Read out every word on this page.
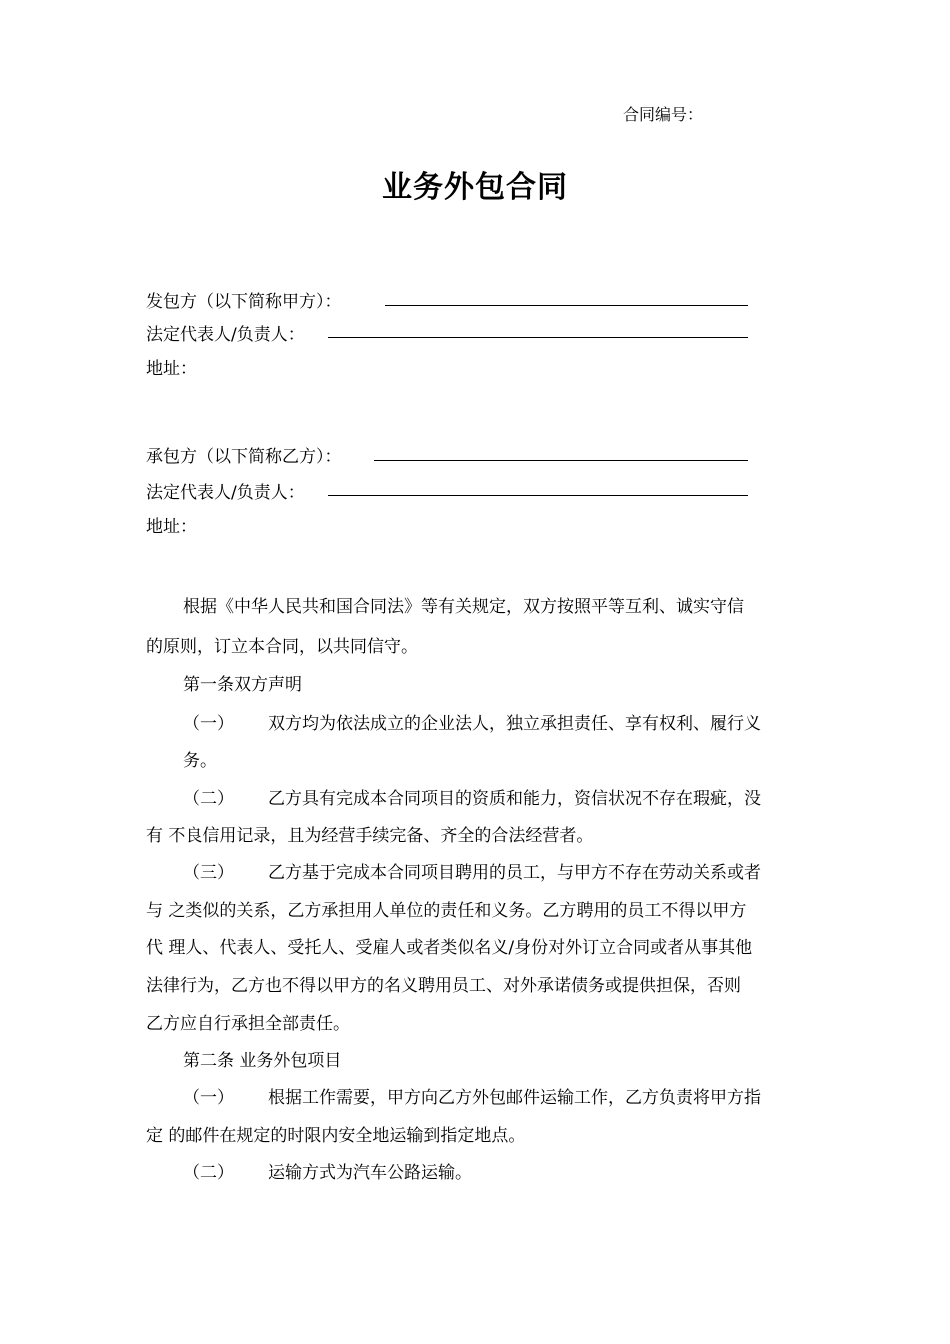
合同编号：
业务外包合同
发包方（以下简称甲方）：
法定代表人/负责人：
地址：
承包方（以下简称乙方）：
法定代表人/负责人：
地址：
根据《中华人民共和国合同法》等有关规定，双方按照平等互利、诚实守信
的原则，订立本合同，以共同信守。
第一条双方声明
（一） 双方均为依法成立的企业法人，独立承担责任、享有权利、履行义
务。
（二） 乙方具有完成本合同项目的资质和能力，资信状况不存在瑕疵，没
有 不良信用记录，且为经营手续完备、齐全的合法经营者。
（三） 乙方基于完成本合同项目聘用的员工，与甲方不存在劳动关系或者
与 之类似的关系，乙方承担用人单位的责任和义务。乙方聘用的员工不得以甲方
代 理人、代表人、受托人、受雇人或者类似名义/身份对外订立合同或者从事其他
法律行为，乙方也不得以甲方的名义聘用员工、对外承诺债务或提供担保，否则
乙方应自行承担全部责任。
第二条 业务外包项目
（一） 根据工作需要，甲方向乙方外包邮件运输工作，乙方负责将甲方指
定 的邮件在规定的时限内安全地运输到指定地点。
（二） 运输方式为汽车公路运输。
